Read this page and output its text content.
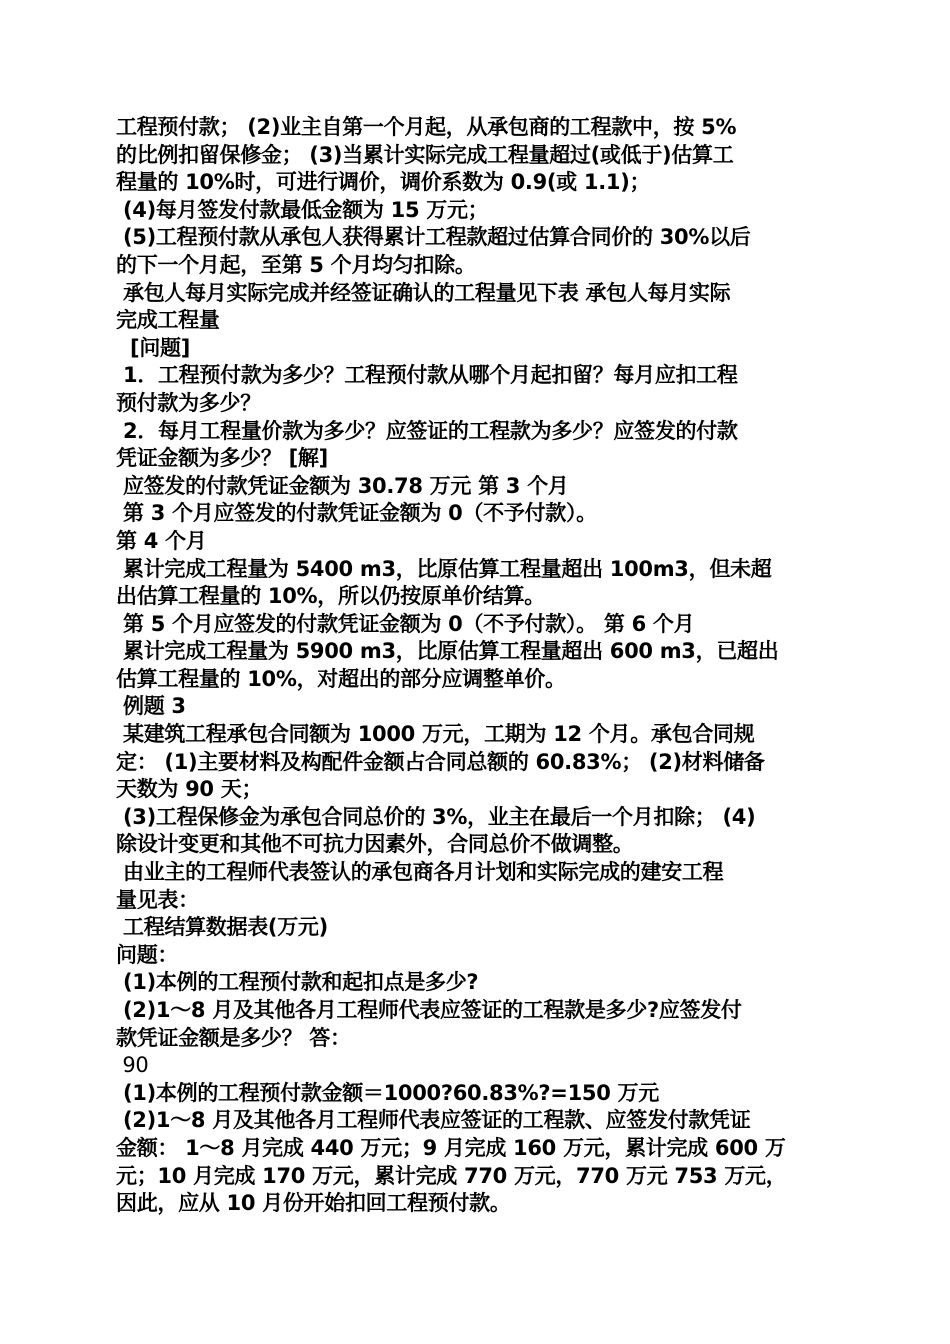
工程预付款； (2)业主自第一个月起，从承包商的工程款中，按 5%
的比例扣留保修金； (3)当累计实际完成工程量超过(或低于)估算工
程量的 10%时，可进行调价，调价系数为 0.9(或 1.1)；
(4)每月签发付款最低金额为 15 万元；
(5)工程预付款从承包人获得累计工程款超过估算合同价的 30%以后
的下一个月起，至第 5 个月均匀扣除。
承包人每月实际完成并经签证确认的工程量见下表 承包人每月实际
完成工程量
[问题]
1．工程预付款为多少？工程预付款从哪个月起扣留？每月应扣工程
预付款为多少？
2．每月工程量价款为多少？应签证的工程款为多少？应签发的付款
凭证金额为多少？ [解]
应签发的付款凭证金额为 30.78 万元 第 3 个月
第 3 个月应签发的付款凭证金额为 0（不予付款）。
第 4 个月
累计完成工程量为 5400 m3，比原估算工程量超出 100m3，但未超
出估算工程量的 10%，所以仍按原单价结算。
第 5 个月应签发的付款凭证金额为 0（不予付款）。 第 6 个月
累计完成工程量为 5900 m3，比原估算工程量超出 600 m3，已超出
估算工程量的 10%，对超出的部分应调整单价。
例题 3
某建筑工程承包合同额为 1000 万元，工期为 12 个月。承包合同规
定： (1)主要材料及构配件金额占合同总额的 60.83%； (2)材料储备
天数为 90 天；
(3)工程保修金为承包合同总价的 3%，业主在最后一个月扣除； (4)
除设计变更和其他不可抗力因素外，合同总价不做调整。
由业主的工程师代表签认的承包商各月计划和实际完成的建安工程
量见表：
工程结算数据表(万元)
问题：
(1)本例的工程预付款和起扣点是多少?
(2)1～8 月及其他各月工程师代表应签证的工程款是多少?应签发付
款凭证金额是多少？ 答：
90
(1)本例的工程预付款金额＝1000?60.83%?=150 万元
(2)1～8 月及其他各月工程师代表应签证的工程款、应签发付款凭证
金额： 1～8 月完成 440 万元；9 月完成 160 万元，累计完成 600 万
元；10 月完成 170 万元，累计完成 770 万元，770 万元 753 万元，
因此，应从 10 月份开始扣回工程预付款。
